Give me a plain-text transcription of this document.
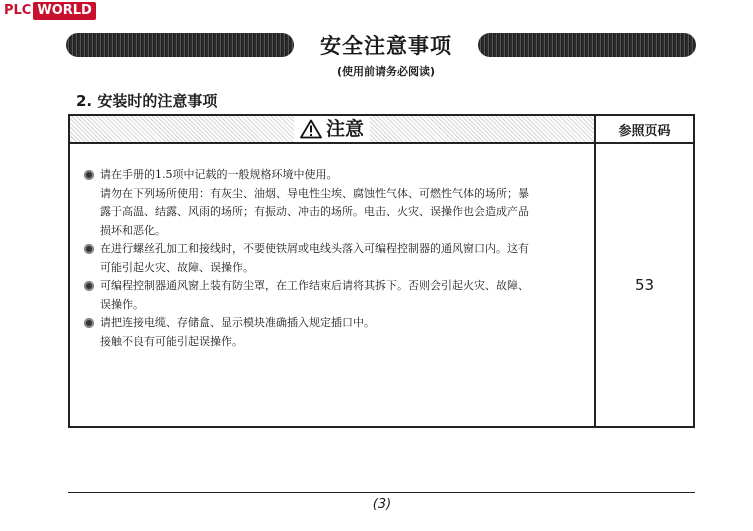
PLC WORLD
安全注意事项
(使用前请务必阅读)
2. 安装时的注意事项
注意	参照页码
请在手册的1.5项中记载的一般规格环境中使用。
请勿在下列场所使用：有灰尘、油烟、导电性尘埃、腐蚀性气体、可燃性气体的场所；暴
露于高温、结露、风雨的场所；有振动、冲击的场所。电击、火灾、误操作也会造成产品
损坏和恶化。
在进行螺丝孔加工和接线时，不要使铁屑或电线头落入可编程控制器的通风窗口内。这有
可能引起火灾、故障、误操作。
可编程控制器通风窗上装有防尘罩，在工作结束后请将其拆下。否则会引起火灾、故障、
误操作。
请把连接电缆、存储盒、显示模块准确插入规定插口中。
接触不良有可能引起误操作。
53
(3)
